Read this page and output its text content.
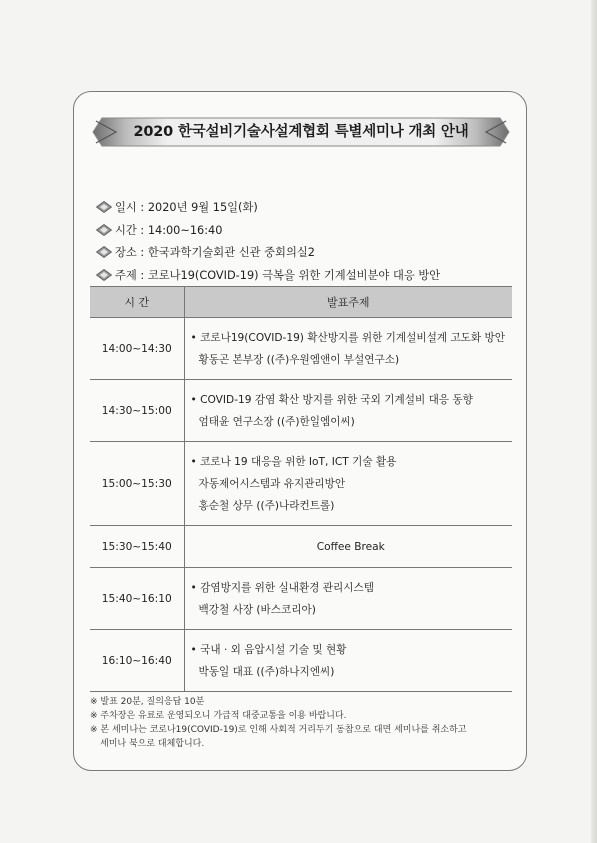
2020 한국설비기술사설계협회 특별세미나 개최 안내
일시 : 2020년 9월 15일(화)
시간 : 14:00~16:40
장소 : 한국과학기술회관 신관 중회의실2
주제 : 코로나19(COVID-19) 극복을 위한 기계설비분야 대응 방안
시 간	발표주제
14:00~14:30	• 코로나19(COVID-19) 확산방지를 위한 기계설비설계 고도화 방안
황동곤 본부장 ((주)우원엠앤이 부설연구소)

14:30~15:00	• COVID-19 감염 확산 방지를 위한 국외 기계설비 대응 동향
엄태윤 연구소장 ((주)한일엠이씨)

15:00~15:30	• 코로나 19 대응을 위한 IoT, ICT 기술 활용
자동제어시스템과 유지관리방안
홍순철 상무 ((주)나라컨트롤)

15:30~15:40	Coffee Break
15:40~16:10	• 감염방지를 위한 실내환경 관리시스템
백강철 사장 (바스코리아)

16:10~16:40	• 국내 · 외 음압시설 기술 및 현황
박동일 대표 ((주)하나지엔씨)
※ 발표 20분, 질의응답 10분
※ 주차장은 유료로 운영되오니 가급적 대중교통을 이용 바랍니다.
※ 본 세미나는 코로나19(COVID-19)로 인해 사회적 거리두기 동참으로 대면 세미나를 취소하고
세미나 북으로 대체합니다.
